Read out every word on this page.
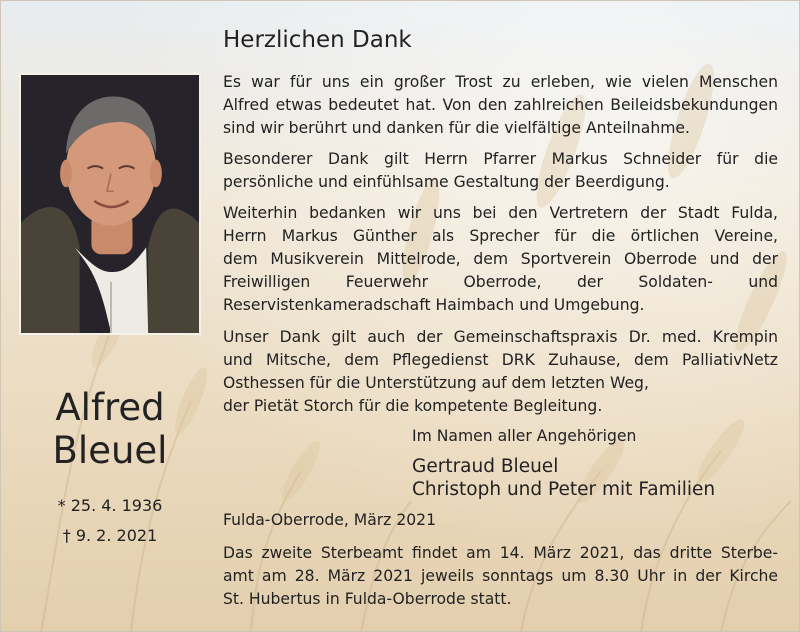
Alfred
Bleuel
* 25. 4. 1936
† 9. 2. 2021
Herzlichen Dank
Es war für uns ein großer Trost zu erleben, wie vielen Menschen
Alfred etwas bedeutet hat. Von den zahlreichen Beileidsbekundungen
sind wir berührt und danken für die vielfältige Anteilnahme.
Besonderer Dank gilt Herrn Pfarrer Markus Schneider für die
persönliche und einfühlsame Gestaltung der Beerdigung.
Weiterhin bedanken wir uns bei den Vertretern der Stadt Fulda,
Herrn Markus Günther als Sprecher für die örtlichen Vereine,
dem Musikverein Mittelrode, dem Sportverein Oberrode und der
Freiwilligen Feuerwehr Oberrode, der Soldaten- und
Reservistenkameradschaft Haimbach und Umgebung.
Unser Dank gilt auch der Gemeinschaftspraxis Dr. med. Krempin
und Mitsche, dem Pflegedienst DRK Zuhause, dem PalliativNetz
Osthessen für die Unterstützung auf dem letzten Weg,
der Pietät Storch für die kompetente Begleitung.
Im Namen aller Angehörigen
Gertraud Bleuel
Christoph und Peter mit Familien
Fulda-Oberrode, März 2021
Das zweite Sterbeamt findet am 14. März 2021, das dritte Sterbe-
amt am 28. März 2021 jeweils sonntags um 8.30 Uhr in der Kirche
St. Hubertus in Fulda-Oberrode statt.
